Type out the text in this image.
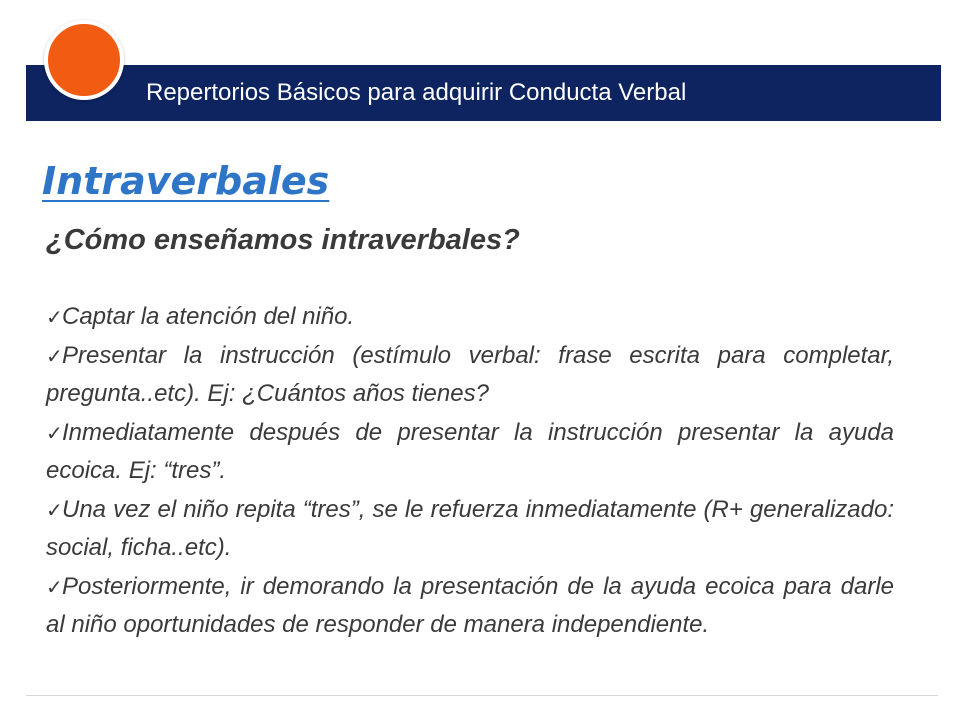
Repertorios Básicos para adquirir Conducta Verbal
Intraverbales
¿Cómo enseñamos intraverbales?
✓Captar la atención del niño.
✓Presentar la instrucción (estímulo verbal: frase escrita para completar, pregunta..etc). Ej: ¿Cuántos años tienes?
✓Inmediatamente después de presentar la instrucción presentar la ayuda ecoica. Ej: “tres”.
✓Una vez el niño repita “tres”, se le refuerza inmediatamente (R+ generalizado: social, ficha..etc).
✓Posteriormente, ir demorando la presentación de la ayuda ecoica para darle al niño oportunidades de responder de manera independiente.
